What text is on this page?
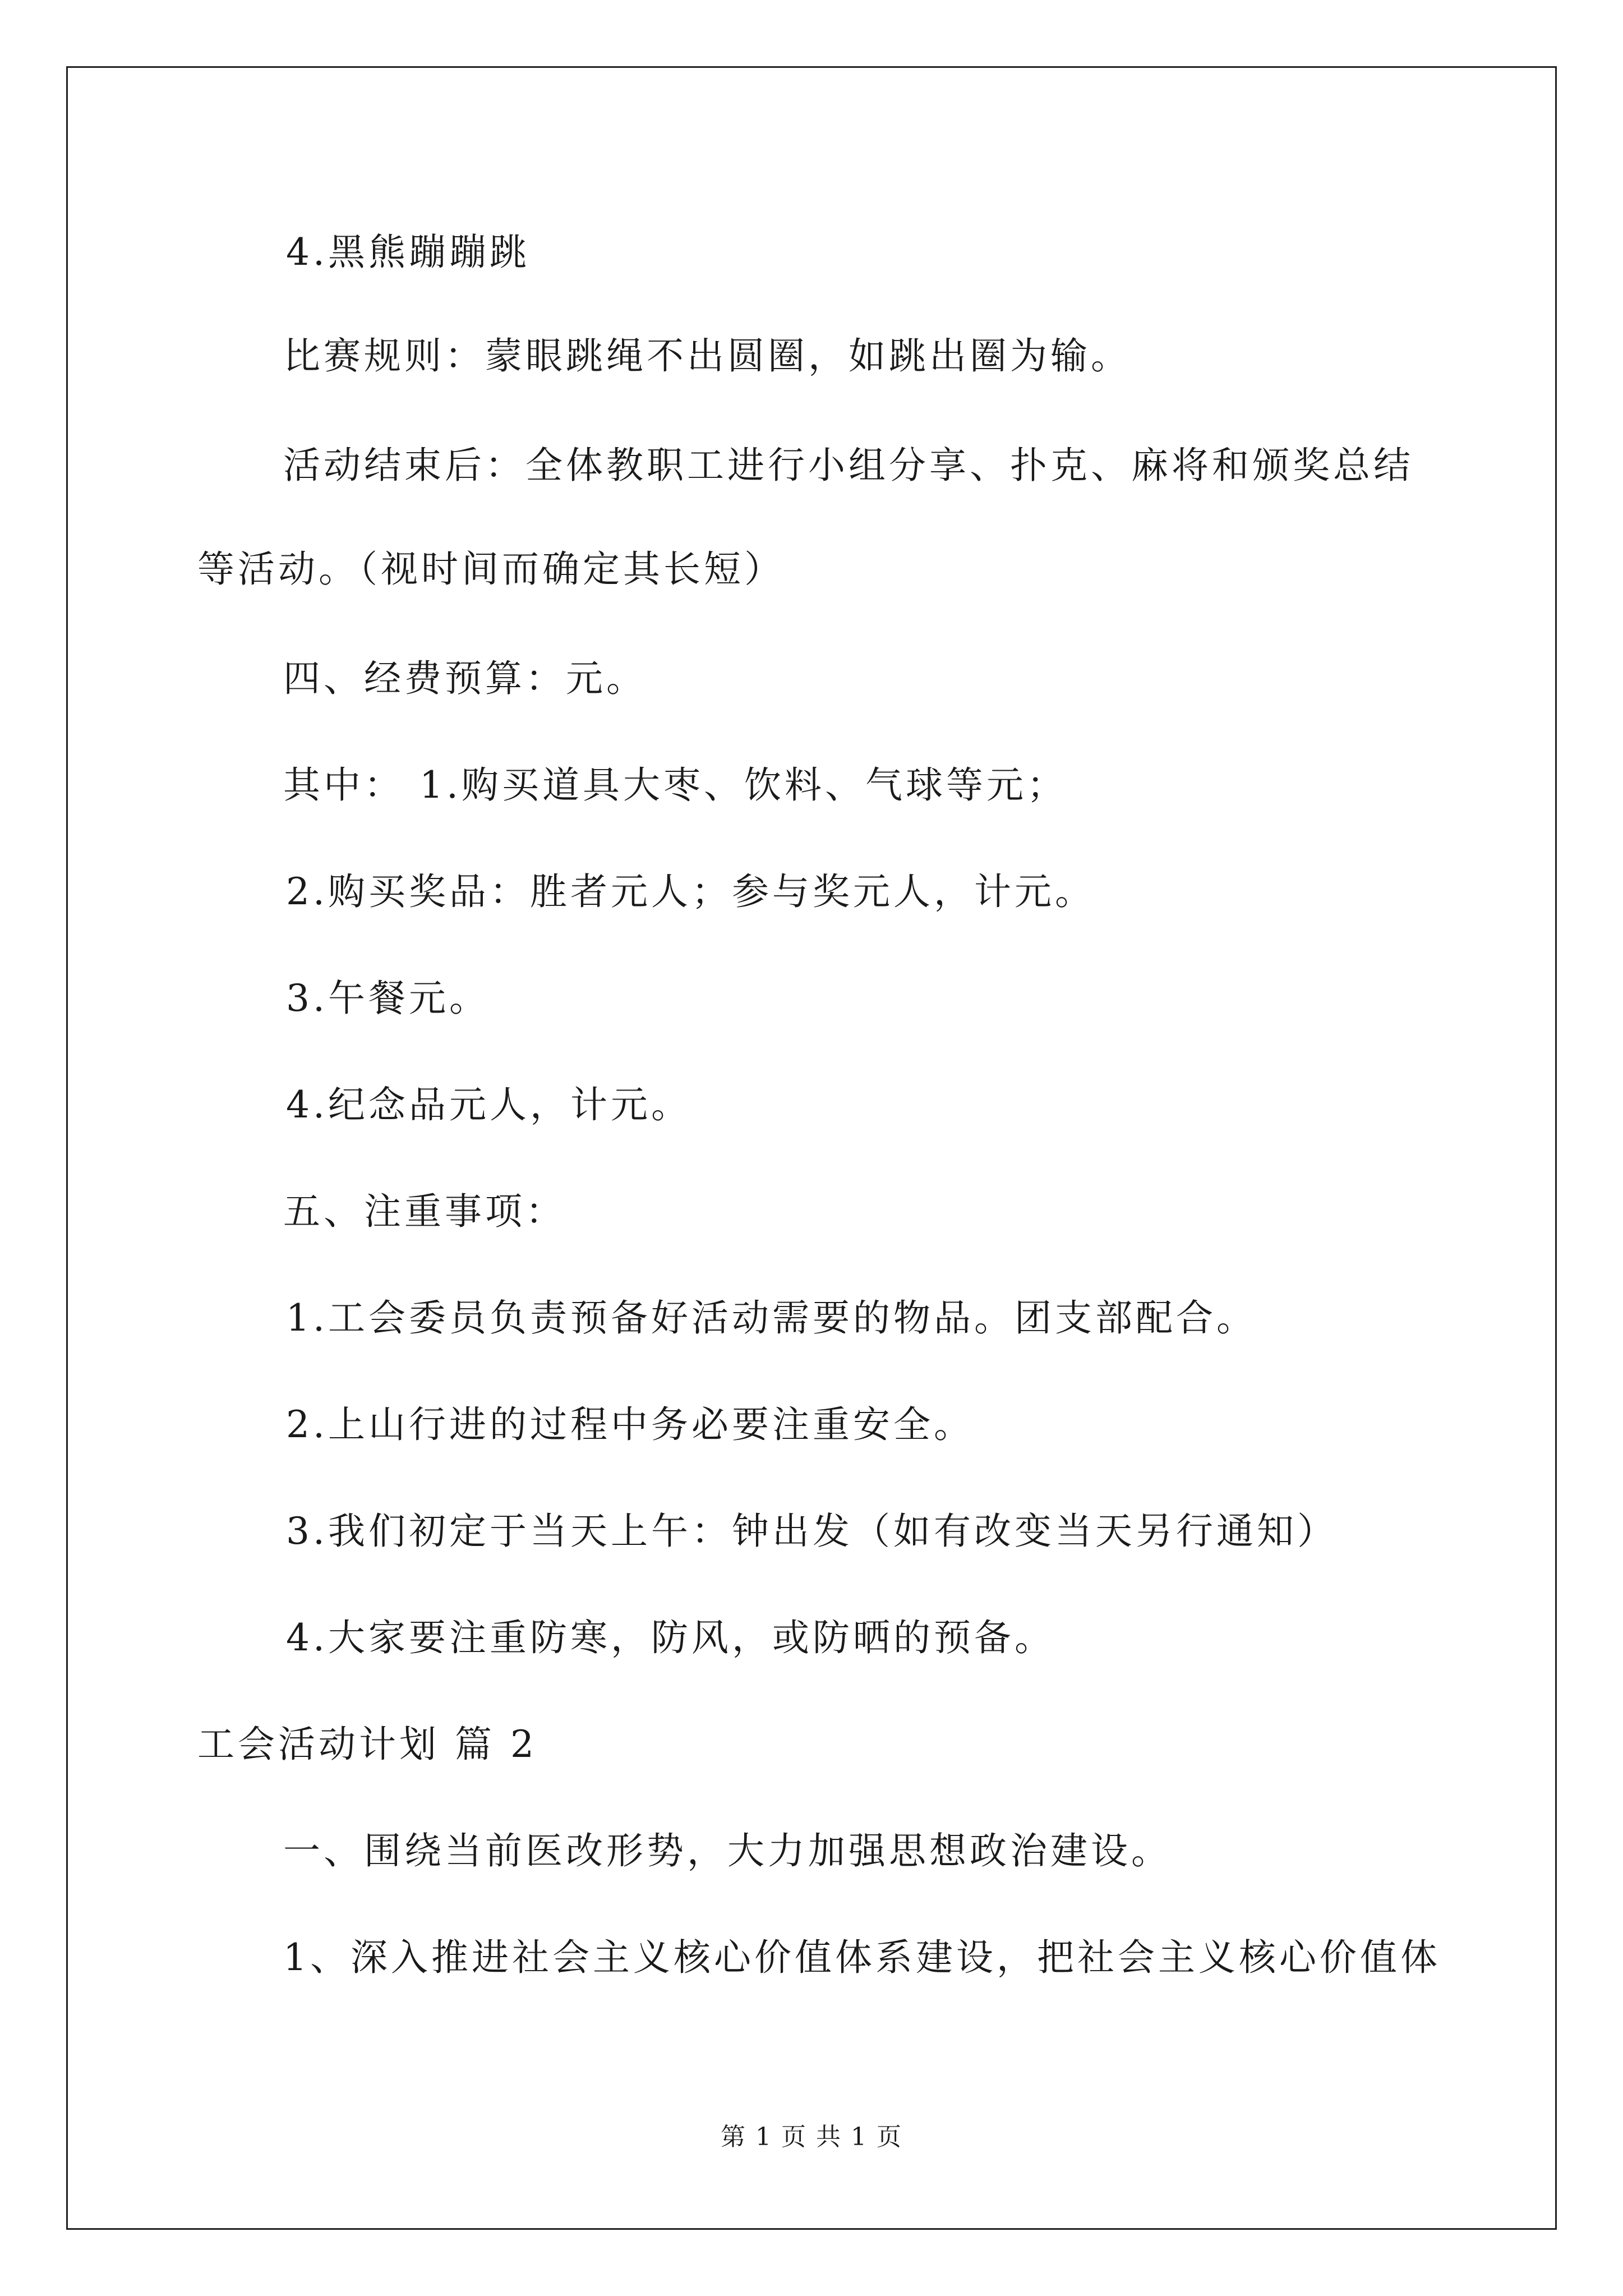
4.黑熊蹦蹦跳
比赛规则：蒙眼跳绳不出圆圈，如跳出圈为输。
活动结束后：全体教职工进行小组分享、扑克、麻将和颁奖总结
等活动。（视时间而确定其长短）
四、经费预算：元。
其中： 1.购买道具大枣、饮料、气球等元；
2.购买奖品：胜者元人；参与奖元人，计元。
3.午餐元。
4.纪念品元人，计元。
五、注重事项：
1.工会委员负责预备好活动需要的物品。团支部配合。
2.上山行进的过程中务必要注重安全。
3.我们初定于当天上午：钟出发（如有改变当天另行通知）
4.大家要注重防寒，防风，或防晒的预备。
工会活动计划 篇 2
一、围绕当前医改形势，大力加强思想政治建设。
1、深入推进社会主义核心价值体系建设，把社会主义核心价值体
第 1 页 共 1 页
